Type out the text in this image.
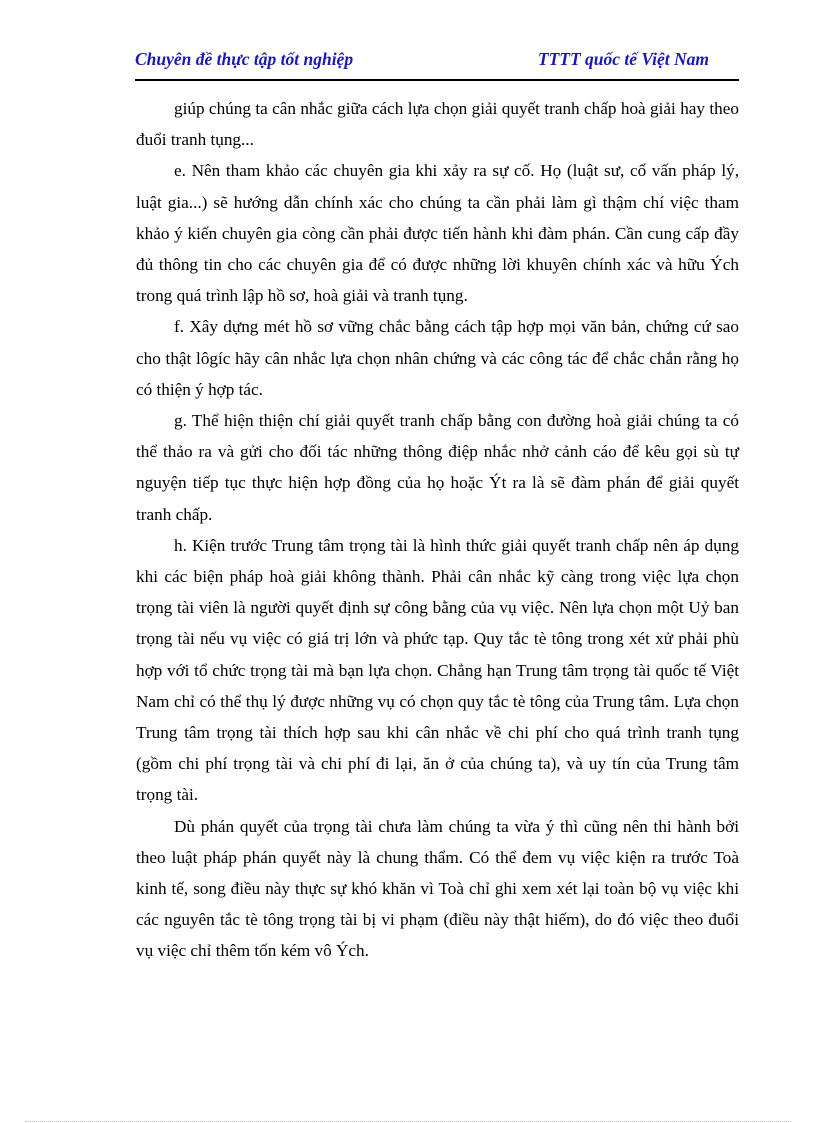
Chuyên đề thực tập tốt nghiệp	TTTT quốc tế Việt Nam

giúp chúng ta cân nhắc giữa cách lựa chọn giải quyết tranh chấp hoà giải hay theo đuổi tranh tụng...

e. Nên tham khảo các chuyên gia khi xảy ra sự cố. Họ (luật sư, cố vấn pháp lý, luật gia...) sẽ hướng dẫn chính xác cho chúng ta cần phải làm gì thậm chí việc tham khảo ý kiến chuyên gia còng cần phải được tiến hành khi đàm phán. Cần cung cấp đầy đủ thông tin cho các chuyên gia để có được những lời khuyên chính xác và hữu Ých trong quá trình lập hồ sơ, hoà giải và tranh tụng.

f. Xây dựng mét hồ sơ vững chắc bằng cách tập hợp mọi văn bản, chứng cứ sao cho thật lôgíc hãy cân nhắc lựa chọn nhân chứng và các công tác để chắc chắn rằng họ có thiện ý hợp tác.

g. Thể hiện thiện chí giải quyết tranh chấp bằng con đường hoà giải chúng ta có thể thảo ra và gửi cho đối tác những thông điệp nhắc nhở cảnh cáo để kêu gọi sù tự nguyện tiếp tục thực hiện hợp đồng của họ hoặc Ýt ra là sẽ đàm phán để giải quyết tranh chấp.

h. Kiện trước Trung tâm trọng tài là hình thức giải quyết tranh chấp nên áp dụng khi các biện pháp hoà giải không thành. Phải cân nhắc kỹ càng trong việc lựa chọn trọng tài viên là người quyết định sự công bằng của vụ việc. Nên lựa chọn một Uỷ ban trọng tài nếu vụ việc có giá trị lớn và phức tạp. Quy tắc tè tông trong xét xử phải phù hợp với tổ chức trọng tài mà bạn lựa chọn. Chẳng hạn Trung tâm trọng tài quốc tế Việt Nam chỉ có thể thụ lý được những vụ có chọn quy tắc tè tông của Trung tâm. Lựa chọn Trung tâm trọng tài thích hợp sau khi cân nhắc về chi phí cho quá trình tranh tụng (gồm chi phí trọng tài và chi phí đi lại, ăn ở của chúng ta), và uy tín của Trung tâm trọng tài.

Dù phán quyết của trọng tài chưa làm chúng ta vừa ý thì cũng nên thi hành bởi theo luật pháp phán quyết này là chung thẩm. Có thể đem vụ việc kiện ra trước Toà kinh tế, song điều này thực sự khó khăn vì Toà chỉ ghi xem xét lại toàn bộ vụ việc khi các nguyên tắc tè tông trọng tài bị vi phạm (điều này thật hiếm), do đó việc theo đuổi vụ việc chỉ thêm tốn kém vô Ých.
